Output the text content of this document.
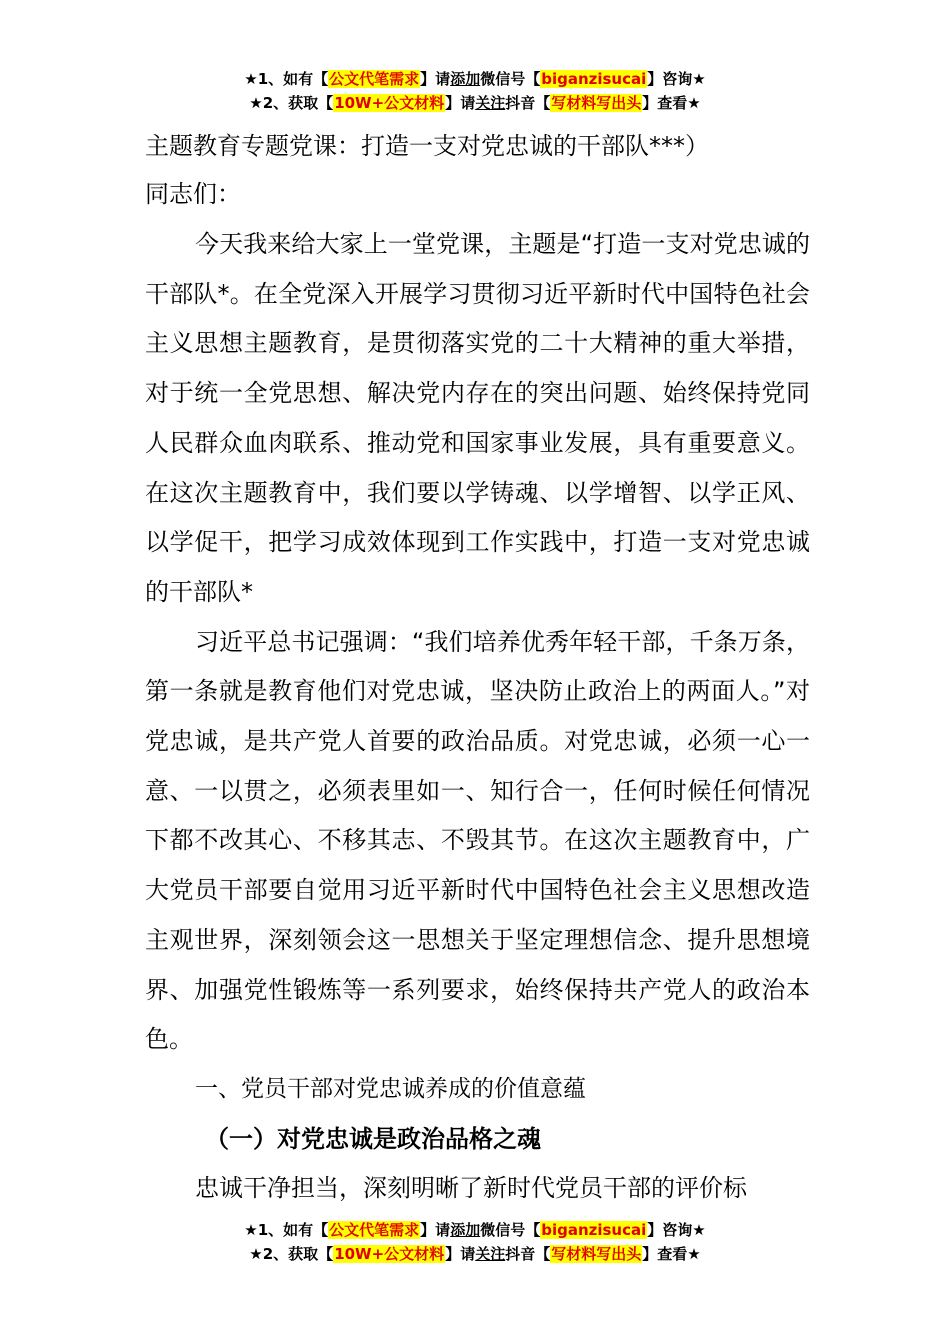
★1、如有【公文代笔需求】请添加微信号【biganzisucai】咨询★
★2、获取【10W+公文材料】请关注抖音【写材料写出头】查看★

主题教育专题党课：打造一支对党忠诚的干部队***）

同志们：

今天我来给大家上一堂党课，主题是“打造一支对党忠诚的干部队*。在全党深入开展学习贯彻习近平新时代中国特色社会主义思想主题教育，是贯彻落实党的二十大精神的重大举措，对于统一全党思想、解决党内存在的突出问题、始终保持党同人民群众血肉联系、推动党和国家事业发展，具有重要意义。在这次主题教育中，我们要以学铸魂、以学增智、以学正风、以学促干，把学习成效体现到工作实践中，打造一支对党忠诚的干部队*

习近平总书记强调：“我们培养优秀年轻干部，千条万条，第一条就是教育他们对党忠诚，坚决防止政治上的两面人。”对党忠诚，是共产党人首要的政治品质。对党忠诚，必须一心一意、一以贯之，必须表里如一、知行合一，任何时候任何情况下都不改其心、不移其志、不毁其节。在这次主题教育中，广大党员干部要自觉用习近平新时代中国特色社会主义思想改造主观世界，深刻领会这一思想关于坚定理想信念、提升思想境界、加强党性锻炼等一系列要求，始终保持共产党人的政治本色。

一、党员干部对党忠诚养成的价值意蕴

（一）对党忠诚是政治品格之魂

忠诚干净担当，深刻明晰了新时代党员干部的评价标

★1、如有【公文代笔需求】请添加微信号【biganzisucai】咨询★
★2、获取【10W+公文材料】请关注抖音【写材料写出头】查看★
